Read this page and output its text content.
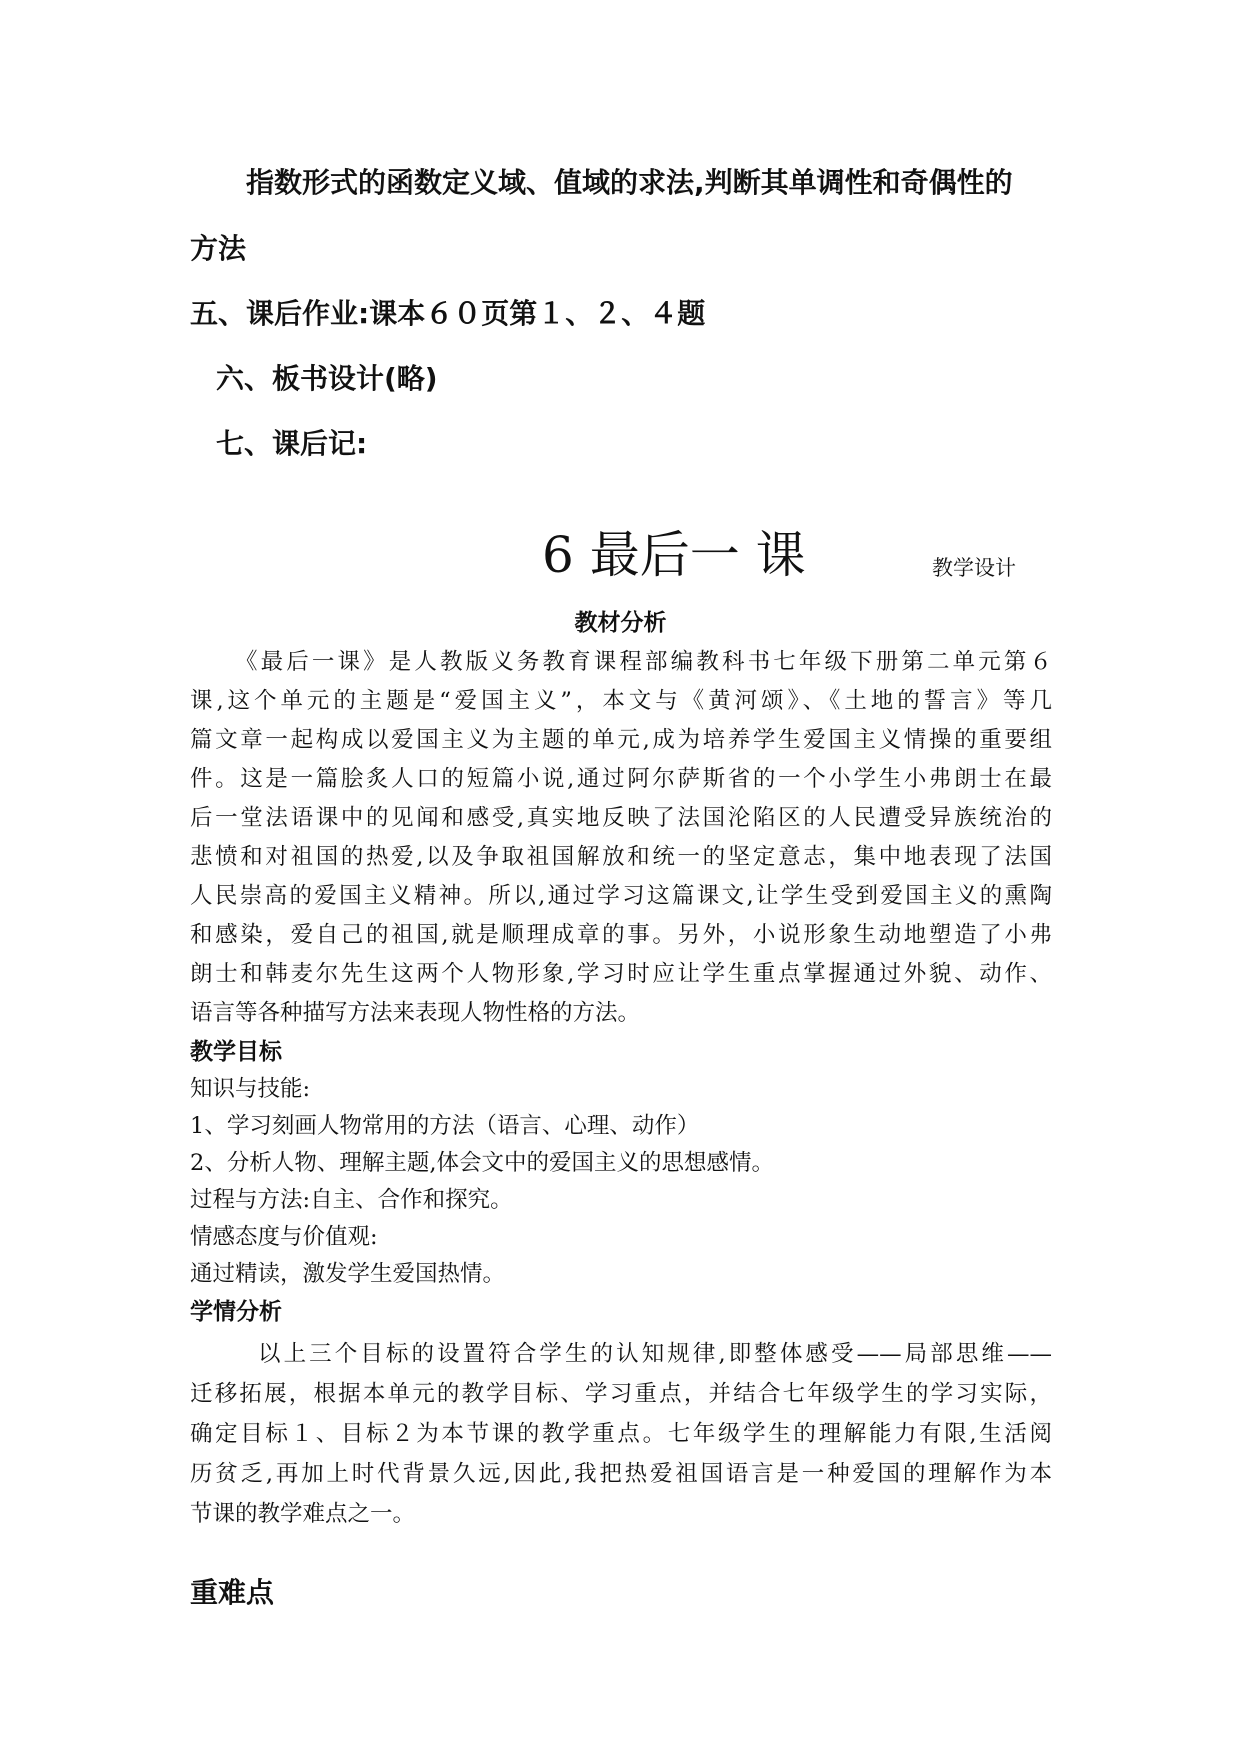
指数形式的函数定义域、值域的求法,判断其单调性和奇偶性的
方法
五、课后作业:课本６０页第１、２、４题
六、板书设计(略)
七、课后记:
6 最后一 课	教学设计
教材分析
《最后一课》是人教版义务教育课程部编教科书七年级下册第二单元第６
课,这个单元的主题是“爱国主义”，本文与《黄河颂》、《土地的誓言》等几
篇文章一起构成以爱国主义为主题的单元,成为培养学生爱国主义情操的重要组
件。这是一篇脍炙人口的短篇小说,通过阿尔萨斯省的一个小学生小弗朗士在最
后一堂法语课中的见闻和感受,真实地反映了法国沦陷区的人民遭受异族统治的
悲愤和对祖国的热爱,以及争取祖国解放和统一的坚定意志，集中地表现了法国
人民崇高的爱国主义精神。所以,通过学习这篇课文,让学生受到爱国主义的熏陶
和感染，爱自己的祖国,就是顺理成章的事。另外，小说形象生动地塑造了小弗
朗士和韩麦尔先生这两个人物形象,学习时应让学生重点掌握通过外貌、动作、
语言等各种描写方法来表现人物性格的方法。
教学目标
知识与技能:
1、学习刻画人物常用的方法（语言、心理、动作）
2、分析人物、理解主题,体会文中的爱国主义的思想感情。
过程与方法:自主、合作和探究。
情感态度与价值观:
通过精读，激发学生爱国热情。
学情分析
以上三个目标的设置符合学生的认知规律,即整体感受——局部思维——
迁移拓展，根据本单元的教学目标、学习重点，并结合七年级学生的学习实际，
确定目标１、目标２为本节课的教学重点。七年级学生的理解能力有限,生活阅
历贫乏,再加上时代背景久远,因此,我把热爱祖国语言是一种爱国的理解作为本
节课的教学难点之一。
重难点
